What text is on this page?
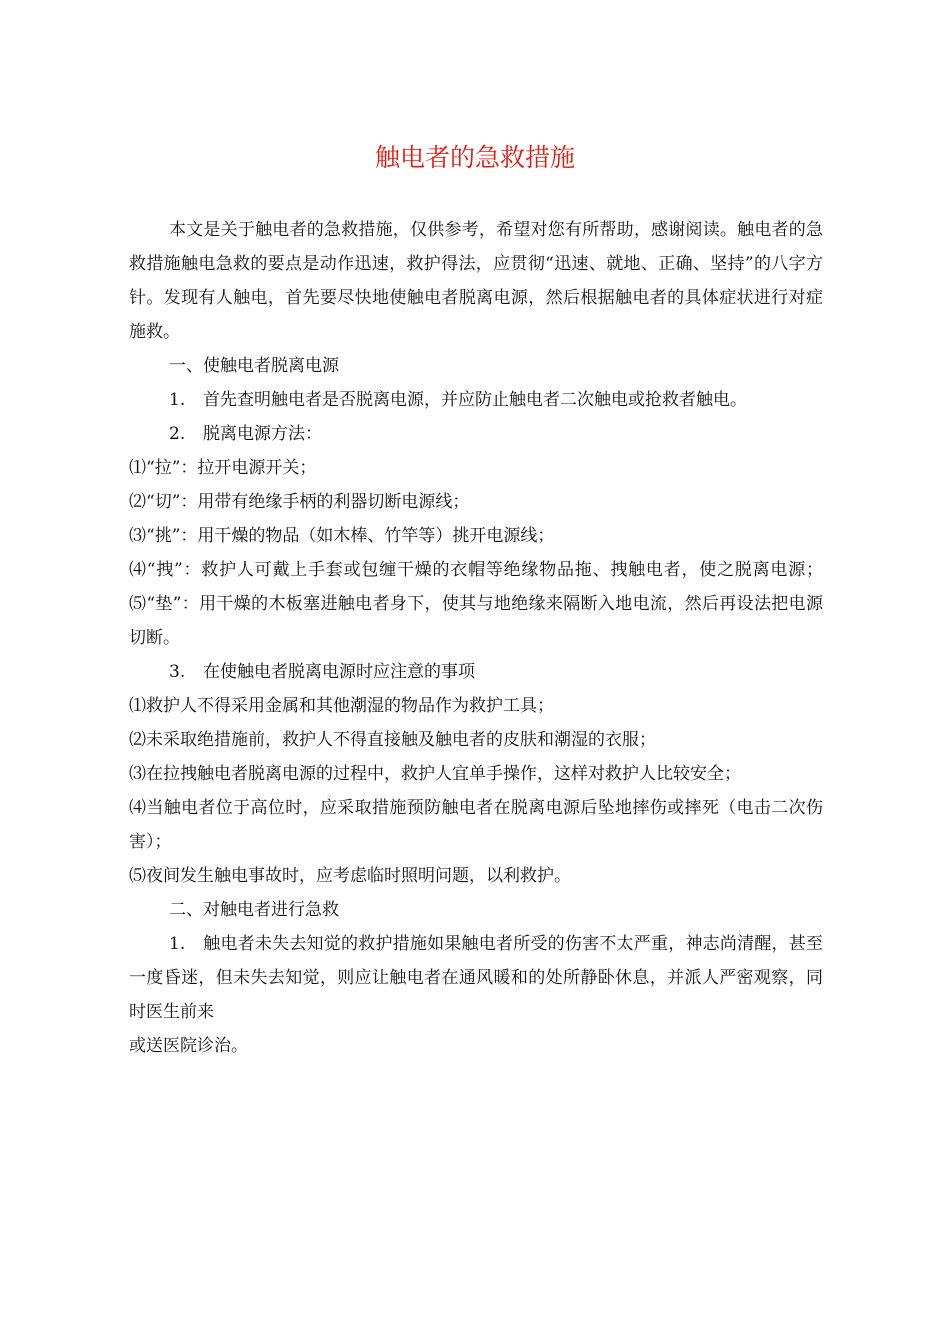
触电者的急救措施

本文是关于触电者的急救措施，仅供参考，希望对您有所帮助，感谢阅读。触电者的急救措施触电急救的要点是动作迅速，救护得法，应贯彻“迅速、就地、正确、坚持”的八字方针。发现有人触电，首先要尽快地使触电者脱离电源，然后根据触电者的具体症状进行对症施救。

一、使触电者脱离电源

1. 首先查明触电者是否脱离电源，并应防止触电者二次触电或抢救者触电。

2. 脱离电源方法：

⑴“拉”：拉开电源开关；

⑵“切”：用带有绝缘手柄的利器切断电源线；

⑶“挑”：用干燥的物品（如木棒、竹竿等）挑开电源线；

⑷“拽”：救护人可戴上手套或包缠干燥的衣帽等绝缘物品拖、拽触电者，使之脱离电源；⑸“垫”：用干燥的木板塞进触电者身下，使其与地绝缘来隔断入地电流，然后再设法把电源切断。

3. 在使触电者脱离电源时应注意的事项

⑴救护人不得采用金属和其他潮湿的物品作为救护工具；

⑵未采取绝措施前，救护人不得直接触及触电者的皮肤和潮湿的衣服；

⑶在拉拽触电者脱离电源的过程中，救护人宜单手操作，这样对救护人比较安全；

⑷当触电者位于高位时，应采取措施预防触电者在脱离电源后坠地摔伤或摔死（电击二次伤害）；

⑸夜间发生触电事故时，应考虑临时照明问题，以利救护。

二、对触电者进行急救

1. 触电者未失去知觉的救护措施如果触电者所受的伤害不太严重，神志尚清醒，甚至一度昏迷，但未失去知觉，则应让触电者在通风暖和的处所静卧休息，并派人严密观察，同时医生前来

或送医院诊治。
